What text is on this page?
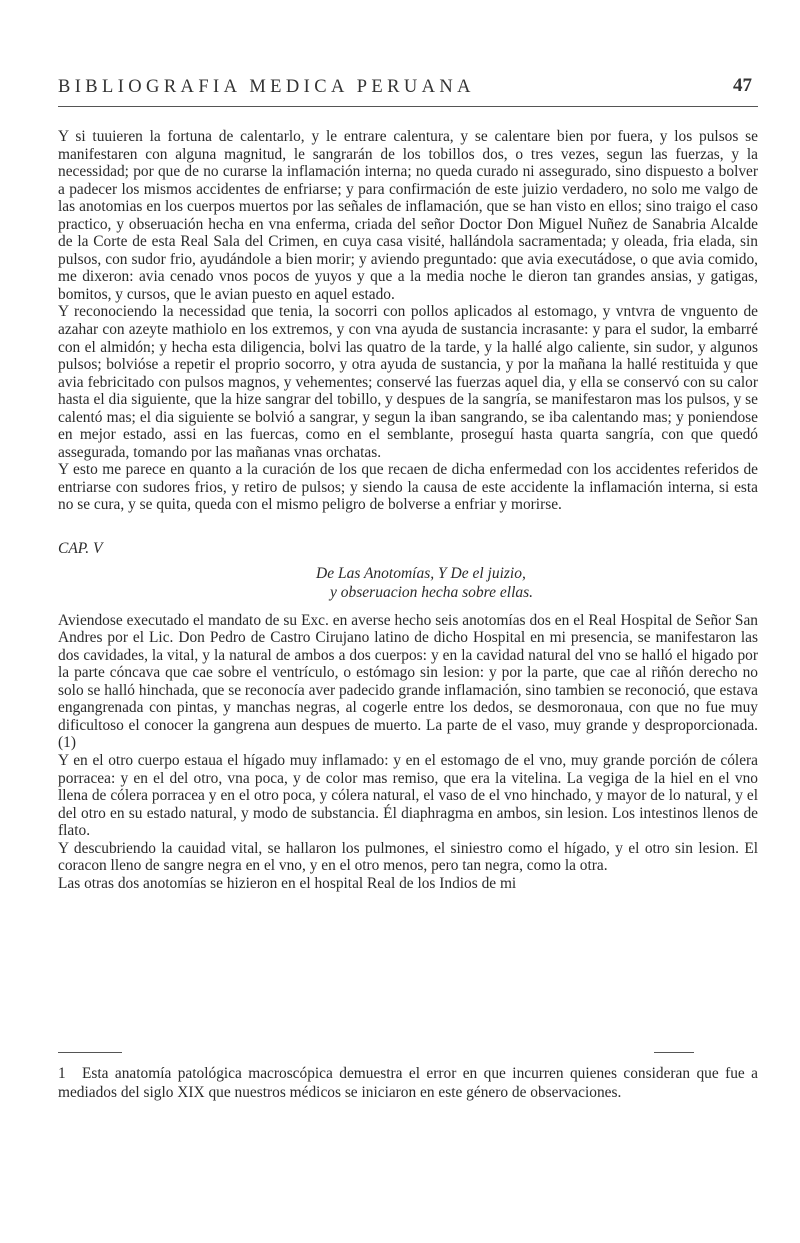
BIBLIOGRAFIA MEDICA PERUANA	47

Y si tuuieren la fortuna de calentarlo, y le entrare calentura, y se calentare bien por fuera, y los pulsos se manifestaren con alguna magnitud, le sangrarán de los tobillos dos, o tres vezes, segun las fuerzas, y la necessidad; por que de no curarse la inflamación interna; no queda curado ni assegurado, sino dispuesto a bolver a padecer los mismos accidentes de enfriarse; y para confirmación de este juizio verdadero, no solo me valgo de las anotomias en los cuerpos muertos por las señales de inflamación, que se han visto en ellos; sino traigo el caso practico, y obseruación hecha en vna enferma, criada del señor Doctor Don Miguel Nuñez de Sanabria Alcalde de la Corte de esta Real Sala del Crimen, en cuya casa visité, hallándola sacramentada; y oleada, fria elada, sin pulsos, con sudor frio, ayudándole a bien morir; y aviendo preguntado: que avia executádose, o que avia comido, me dixeron: avia cenado vnos pocos de yuyos y que a la media noche le dieron tan grandes ansias, y gatigas, bomitos, y cursos, que le avian puesto en aquel estado.

Y reconociendo la necessidad que tenia, la socorri con pollos aplicados al estomago, y vntvra de vnguento de azahar con azeyte mathiolo en los extremos, y con vna ayuda de sustancia incrasante: y para el sudor, la embarré con el almidón; y hecha esta diligencia, bolvi las quatro de la tarde, y la hallé algo caliente, sin sudor, y algunos pulsos; bolvióse a repetir el proprio socorro, y otra ayuda de sustancia, y por la mañana la hallé restituida y que avia febricitado con pulsos magnos, y vehementes; conservé las fuerzas aquel dia, y ella se conservó con su calor hasta el dia siguiente, que la hize sangrar del tobillo, y despues de la sangría, se manifestaron mas los pulsos, y se calentó mas; el dia siguiente se bolvió a sangrar, y segun la iban sangrando, se iba calentando mas; y poniendose en mejor estado, assi en las fuercas, como en el semblante, proseguí hasta quarta sangría, con que quedó assegurada, tomando por las mañanas vnas orchatas.

Y esto me parece en quanto a la curación de los que recaen de dicha enfermedad con los accidentes referidos de entriarse con sudores frios, y retiro de pulsos; y siendo la causa de este accidente la inflamación interna, si esta no se cura, y se quita, queda con el mismo peligro de bolverse a enfriar y morirse.

CAP. V

De Las Anotomías, Y De el juizio,

y obseruacion hecha sobre ellas.

Aviendose executado el mandato de su Exc. en averse hecho seis anotomías dos en el Real Hospital de Señor San Andres por el Lic. Don Pedro de Castro Cirujano latino de dicho Hospital en mi presencia, se manifestaron las dos cavidades, la vital, y la natural de ambos a dos cuerpos: y en la cavidad natural del vno se halló el higado por la parte cóncava que cae sobre el ventrículo, o estómago sin lesion: y por la parte, que cae al riñón derecho no solo se halló hinchada, que se reconocía aver padecido grande inflamación, sino tambien se reconoció, que estava engangrenada con pintas, y manchas negras, al cogerle entre los dedos, se desmoronaua, con que no fue muy dificultoso el conocer la gangrena aun despues de muerto. La parte de el vaso, muy grande y desproporcionada. (1)

Y en el otro cuerpo estaua el hígado muy inflamado: y en el estomago de el vno, muy grande porción de cólera porracea: y en el del otro, vna poca, y de color mas remiso, que era la vitelina. La vegiga de la hiel en el vno llena de cólera porracea y en el otro poca, y cólera natural, el vaso de el vno hinchado, y mayor de lo natural, y el del otro en su estado natural, y modo de substancia. Él diaphragma en ambos, sin lesion. Los intestinos llenos de flato.

Y descubriendo la cauidad vital, se hallaron los pulmones, el siniestro como el hígado, y el otro sin lesion. El coracon lleno de sangre negra en el vno, y en el otro menos, pero tan negra, como la otra.

Las otras dos anotomías se hizieron en el hospital Real de los Indios de mi

1 Esta anatomía patológica macroscópica demuestra el error en que incurren quienes consideran que fue a mediados del siglo XIX que nuestros médicos se iniciaron en este género de observaciones.
